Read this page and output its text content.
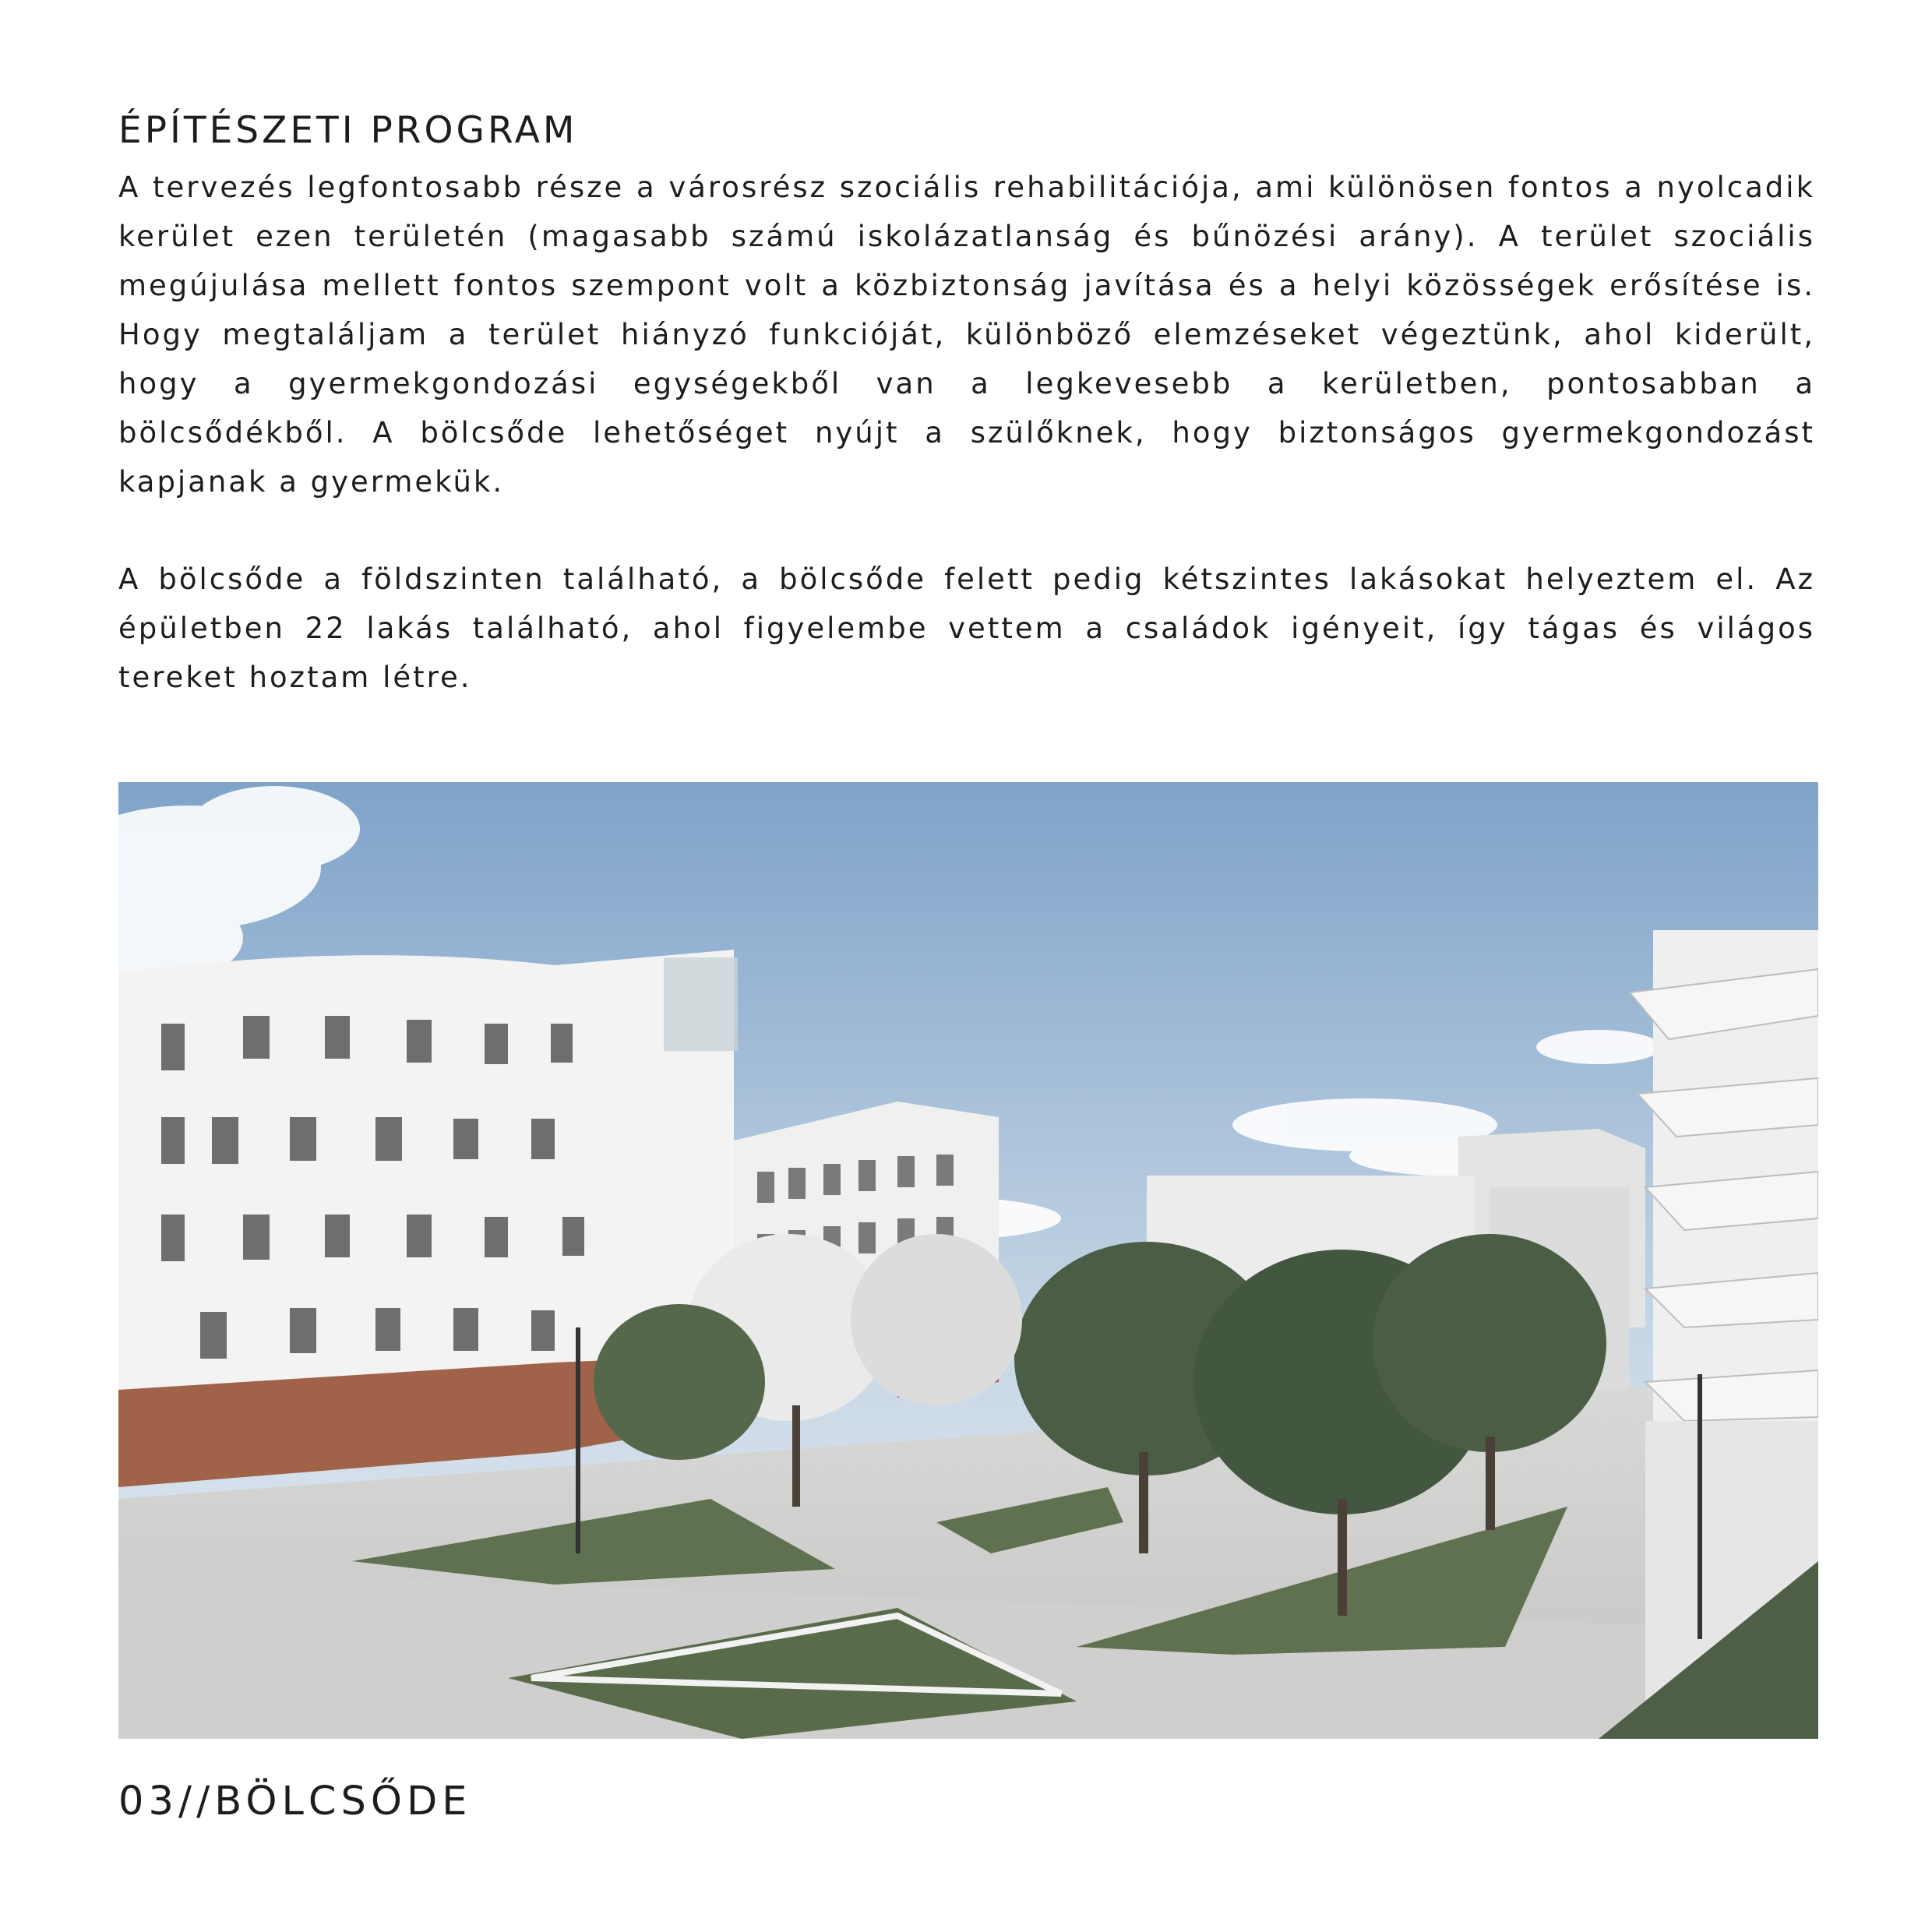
ÉPÍTÉSZETI PROGRAM

A tervezés legfontosabb része a városrész szociális rehabilitációja, ami különösen fontos a nyolcadik kerület ezen területén (magasabb számú iskolázatlanság és bűnözési arány). A terület szociális megújulása mellett fontos szempont volt a közbiztonság javítása és a helyi közösségek erősítése is. Hogy megtaláljam a terület hiányzó funkcióját, különböző elemzéseket végeztünk, ahol kiderült, hogy a gyermekgondozási egységekből van a legkevesebb a kerületben, pontosabban a bölcsődékből. A bölcsőde lehetőséget nyújt a szülőknek, hogy biztonságos gyermekgondozást kapjanak a gyermekük.

A bölcsőde a földszinten található, a bölcsőde felett pedig kétszintes lakásokat helyeztem el. Az épületben 22 lakás található, ahol figyelembe vettem a családok igényeit, így tágas és világos tereket hoztam létre.

03//BÖLCSŐDE
